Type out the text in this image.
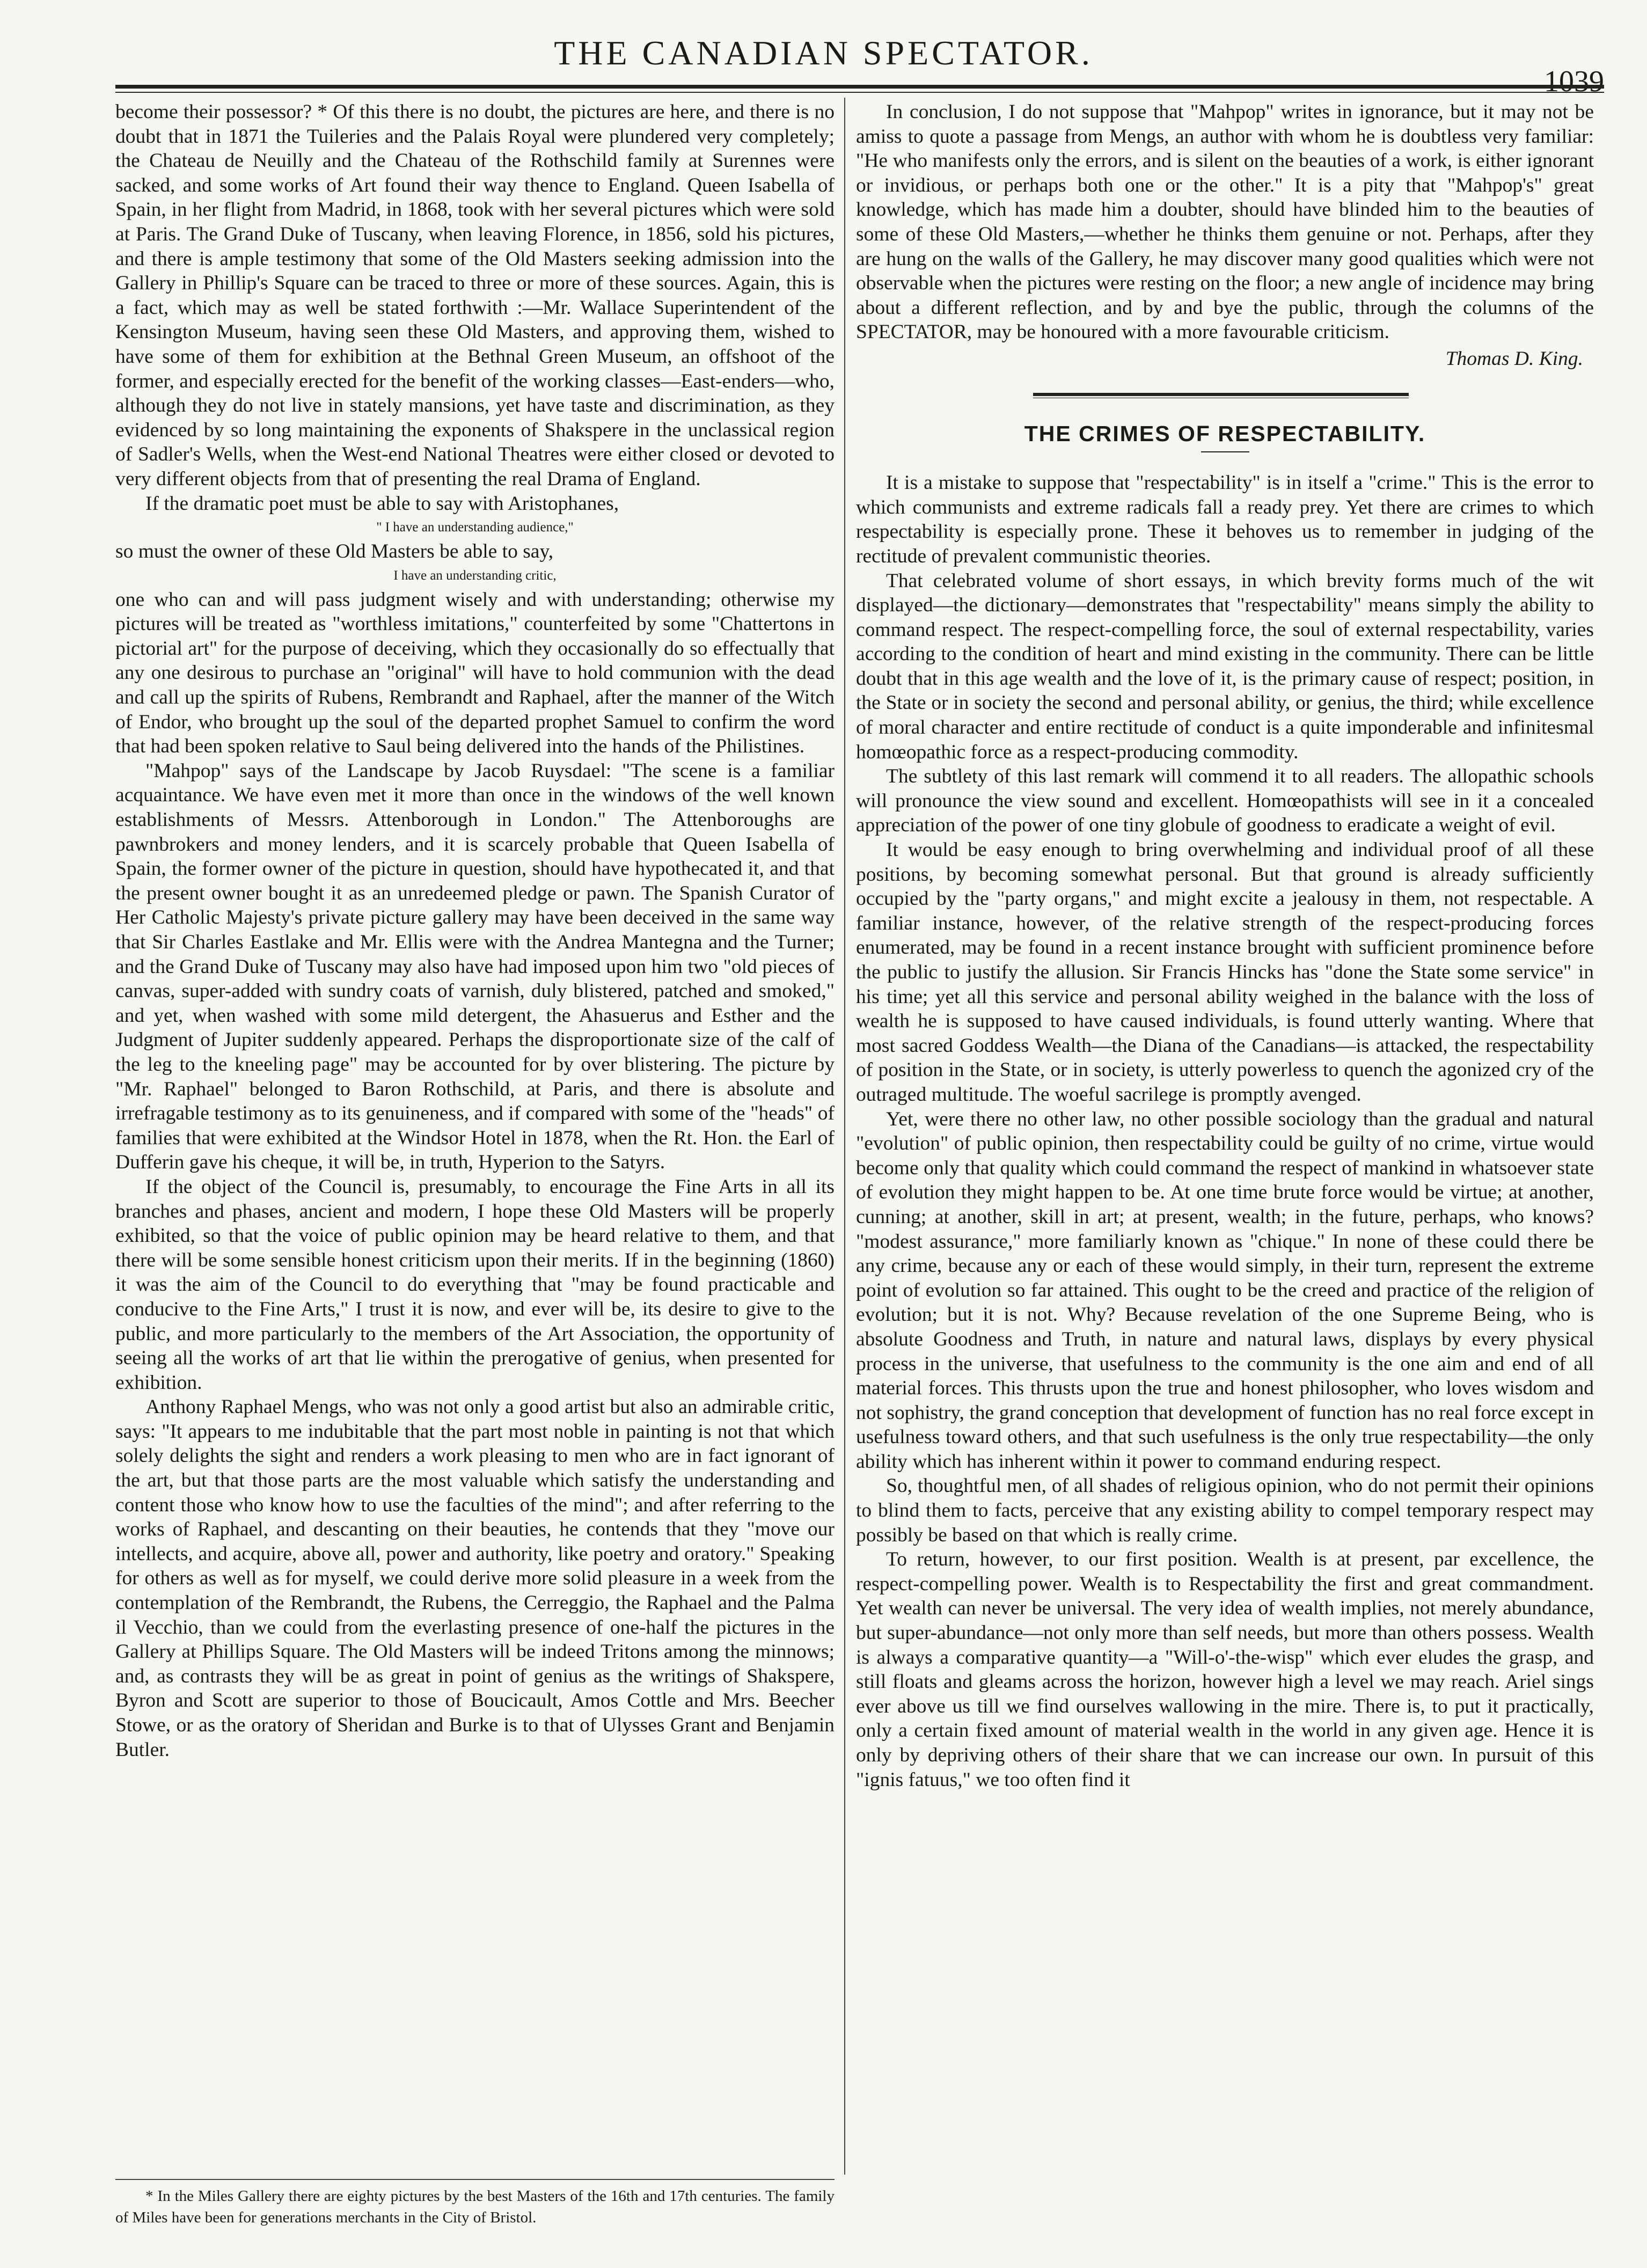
THE CANADIAN SPECTATOR.
1039

become their possessor? * Of this there is no doubt, the pictures are here, and there is no doubt that in 1871 the Tuileries and the Palais Royal were plundered very completely; the Chateau de Neuilly and the Chateau of the Rothschild family at Surennes were sacked, and some works of Art found their way thence to England. Queen Isabella of Spain, in her flight from Madrid, in 1868, took with her several pictures which were sold at Paris. The Grand Duke of Tuscany, when leaving Florence, in 1856, sold his pictures, and there is ample testimony that some of the Old Masters seeking admission into the Gallery in Phillip's Square can be traced to three or more of these sources. Again, this is a fact, which may as well be stated forthwith :—Mr. Wallace Superintendent of the Kensington Museum, having seen these Old Masters, and approving them, wished to have some of them for exhibition at the Bethnal Green Museum, an offshoot of the former, and especially erected for the benefit of the working classes—East-enders—who, although they do not live in stately mansions, yet have taste and discrimination, as they evidenced by so long maintaining the exponents of Shakspere in the unclassical region of Sadler's Wells, when the West-end National Theatres were either closed or devoted to very different objects from that of presenting the real Drama of England.

If the dramatic poet must be able to say with Aristophanes,

" I have an understanding audience,"

so must the owner of these Old Masters be able to say,

I have an understanding critic,

one who can and will pass judgment wisely and with understanding; otherwise my pictures will be treated as "worthless imitations," counterfeited by some "Chattertons in pictorial art" for the purpose of deceiving, which they occasionally do so effectually that any one desirous to purchase an "original" will have to hold communion with the dead and call up the spirits of Rubens, Rembrandt and Raphael, after the manner of the Witch of Endor, who brought up the soul of the departed prophet Samuel to confirm the word that had been spoken relative to Saul being delivered into the hands of the Philistines.

"Mahpop" says of the Landscape by Jacob Ruysdael: "The scene is a familiar acquaintance. We have even met it more than once in the windows of the well known establishments of Messrs. Attenborough in London." The Attenboroughs are pawnbrokers and money lenders, and it is scarcely probable that Queen Isabella of Spain, the former owner of the picture in question, should have hypothecated it, and that the present owner bought it as an unredeemed pledge or pawn. The Spanish Curator of Her Catholic Majesty's private picture gallery may have been deceived in the same way that Sir Charles Eastlake and Mr. Ellis were with the Andrea Mantegna and the Turner; and the Grand Duke of Tuscany may also have had imposed upon him two "old pieces of canvas, super-added with sundry coats of varnish, duly blistered, patched and smoked," and yet, when washed with some mild detergent, the Ahasuerus and Esther and the Judgment of Jupiter suddenly appeared. Perhaps the disproportionate size of the calf of the leg to the kneeling page" may be accounted for by over blistering. The picture by "Mr. Raphael" belonged to Baron Rothschild, at Paris, and there is absolute and irrefragable testimony as to its genuineness, and if compared with some of the "heads" of families that were exhibited at the Windsor Hotel in 1878, when the Rt. Hon. the Earl of Dufferin gave his cheque, it will be, in truth, Hyperion to the Satyrs.

If the object of the Council is, presumably, to encourage the Fine Arts in all its branches and phases, ancient and modern, I hope these Old Masters will be properly exhibited, so that the voice of public opinion may be heard relative to them, and that there will be some sensible honest criticism upon their merits. If in the beginning (1860) it was the aim of the Council to do everything that "may be found practicable and conducive to the Fine Arts," I trust it is now, and ever will be, its desire to give to the public, and more particularly to the members of the Art Association, the opportunity of seeing all the works of art that lie within the prerogative of genius, when presented for exhibition.

Anthony Raphael Mengs, who was not only a good artist but also an admirable critic, says: "It appears to me indubitable that the part most noble in painting is not that which solely delights the sight and renders a work pleasing to men who are in fact ignorant of the art, but that those parts are the most valuable which satisfy the understanding and content those who know how to use the faculties of the mind"; and after referring to the works of Raphael, and descanting on their beauties, he contends that they "move our intellects, and acquire, above all, power and authority, like poetry and oratory." Speaking for others as well as for myself, we could derive more solid pleasure in a week from the contemplation of the Rembrandt, the Rubens, the Cerreggio, the Raphael and the Palma il Vecchio, than we could from the everlasting presence of one-half the pictures in the Gallery at Phillips Square. The Old Masters will be indeed Tritons among the minnows; and, as contrasts they will be as great in point of genius as the writings of Shakspere, Byron and Scott are superior to those of Boucicault, Amos Cottle and Mrs. Beecher Stowe, or as the oratory of Sheridan and Burke is to that of Ulysses Grant and Benjamin Butler.

* In the Miles Gallery there are eighty pictures by the best Masters of the 16th and 17th centuries. The family of Miles have been for generations merchants in the City of Bristol.

In conclusion, I do not suppose that "Mahpop" writes in ignorance, but it may not be amiss to quote a passage from Mengs, an author with whom he is doubtless very familiar: "He who manifests only the errors, and is silent on the beauties of a work, is either ignorant or invidious, or perhaps both one or the other." It is a pity that "Mahpop's" great knowledge, which has made him a doubter, should have blinded him to the beauties of some of these Old Masters,—whether he thinks them genuine or not. Perhaps, after they are hung on the walls of the Gallery, he may discover many good qualities which were not observable when the pictures were resting on the floor; a new angle of incidence may bring about a different reflection, and by and bye the public, through the columns of the SPECTATOR, may be honoured with a more favourable criticism.

Thomas D. King.
THE CRIMES OF RESPECTABILITY.

It is a mistake to suppose that "respectability" is in itself a "crime." This is the error to which communists and extreme radicals fall a ready prey. Yet there are crimes to which respectability is especially prone. These it behoves us to remember in judging of the rectitude of prevalent communistic theories.

That celebrated volume of short essays, in which brevity forms much of the wit displayed—the dictionary—demonstrates that "respectability" means simply the ability to command respect. The respect-compelling force, the soul of external respectability, varies according to the condition of heart and mind existing in the community. There can be little doubt that in this age wealth and the love of it, is the primary cause of respect; position, in the State or in society the second and personal ability, or genius, the third; while excellence of moral character and entire rectitude of conduct is a quite imponderable and infinitesmal homœopathic force as a respect-producing commodity.

The subtlety of this last remark will commend it to all readers. The allopathic schools will pronounce the view sound and excellent. Homœopathists will see in it a concealed appreciation of the power of one tiny globule of goodness to eradicate a weight of evil.

It would be easy enough to bring overwhelming and individual proof of all these positions, by becoming somewhat personal. But that ground is already sufficiently occupied by the "party organs," and might excite a jealousy in them, not respectable. A familiar instance, however, of the relative strength of the respect-producing forces enumerated, may be found in a recent instance brought with sufficient prominence before the public to justify the allusion. Sir Francis Hincks has "done the State some service" in his time; yet all this service and personal ability weighed in the balance with the loss of wealth he is supposed to have caused individuals, is found utterly wanting. Where that most sacred Goddess Wealth—the Diana of the Canadians—is attacked, the respectability of position in the State, or in society, is utterly powerless to quench the agonized cry of the outraged multitude. The woeful sacrilege is promptly avenged.

Yet, were there no other law, no other possible sociology than the gradual and natural "evolution" of public opinion, then respectability could be guilty of no crime, virtue would become only that quality which could command the respect of mankind in whatsoever state of evolution they might happen to be. At one time brute force would be virtue; at another, cunning; at another, skill in art; at present, wealth; in the future, perhaps, who knows? "modest assurance," more familiarly known as "chique." In none of these could there be any crime, because any or each of these would simply, in their turn, represent the extreme point of evolution so far attained. This ought to be the creed and practice of the religion of evolution; but it is not. Why? Because revelation of the one Supreme Being, who is absolute Goodness and Truth, in nature and natural laws, displays by every physical process in the universe, that usefulness to the community is the one aim and end of all material forces. This thrusts upon the true and honest philosopher, who loves wisdom and not sophistry, the grand conception that development of function has no real force except in usefulness toward others, and that such usefulness is the only true respectability—the only ability which has inherent within it power to command enduring respect.

So, thoughtful men, of all shades of religious opinion, who do not permit their opinions to blind them to facts, perceive that any existing ability to compel temporary respect may possibly be based on that which is really crime.

To return, however, to our first position. Wealth is at present, par excellence, the respect-compelling power. Wealth is to Respectability the first and great commandment. Yet wealth can never be universal. The very idea of wealth implies, not merely abundance, but super-abundance—not only more than self needs, but more than others possess. Wealth is always a comparative quantity—a "Will-o'-the-wisp" which ever eludes the grasp, and still floats and gleams across the horizon, however high a level we may reach. Ariel sings ever above us till we find ourselves wallowing in the mire. There is, to put it practically, only a certain fixed amount of material wealth in the world in any given age. Hence it is only by depriving others of their share that we can increase our own. In pursuit of this "ignis fatuus," we too often find it
